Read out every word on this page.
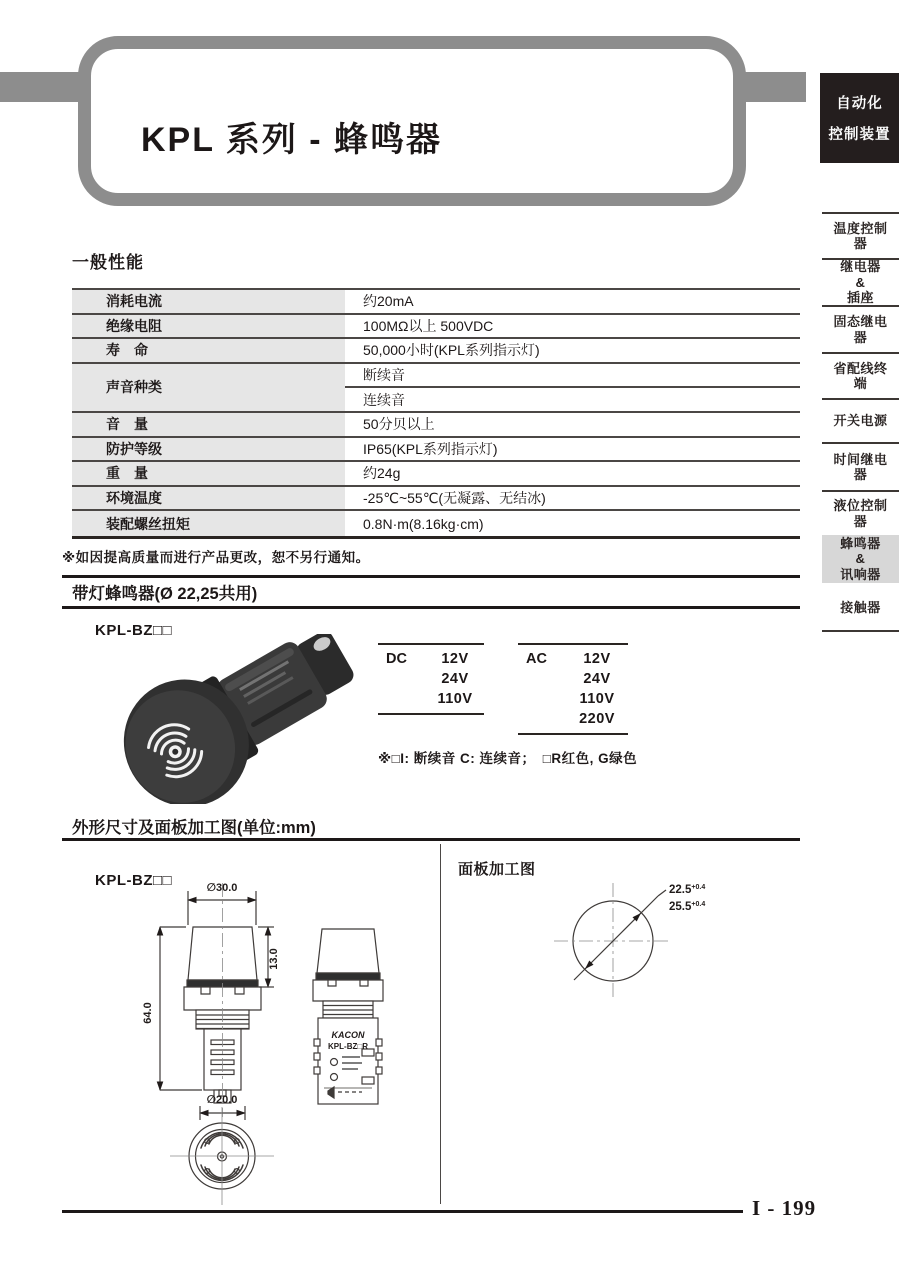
KPL 系列 - 蜂鸣器
自动化
控制装置
温度控制
器
继电器
&
插座
固态继电
器
省配线终
端
开关电源
时间继电
器
液位控制
器
蜂鸣器
&
讯响器
接触器
一般性能
消耗电流	约20mA
绝缘电阻	100MΩ以上 500VDC
寿　命	50,000小时(KPL系列指示灯)
声音种类
断续音
连续音
音　量	50分贝以上
防护等级	IP65(KPL系列指示灯)
重　量	约24g
环境温度	-25℃~55℃(无凝露、无结冰)
装配螺丝扭矩	0.8N·m(8.16kg·cm)
※如因提高质量而进行产品更改，恕不另行通知。
带灯蜂鸣器(Ø 22,25共用)
KPL-BZ□□
DC	12V
24V
110V
AC	12V
24V
110V
220V
※□I: 断续音 C: 连续音；　□R红色, G绿色
外形尺寸及面板加工图(单位:mm)
KPL-BZ□□
面板加工图
∅30.0
64.0
13.0
∅20.0
KACON
KPL-BZ□R
$22.5^{+0.4}$
$25.5^{+0.4}$
I - 199
